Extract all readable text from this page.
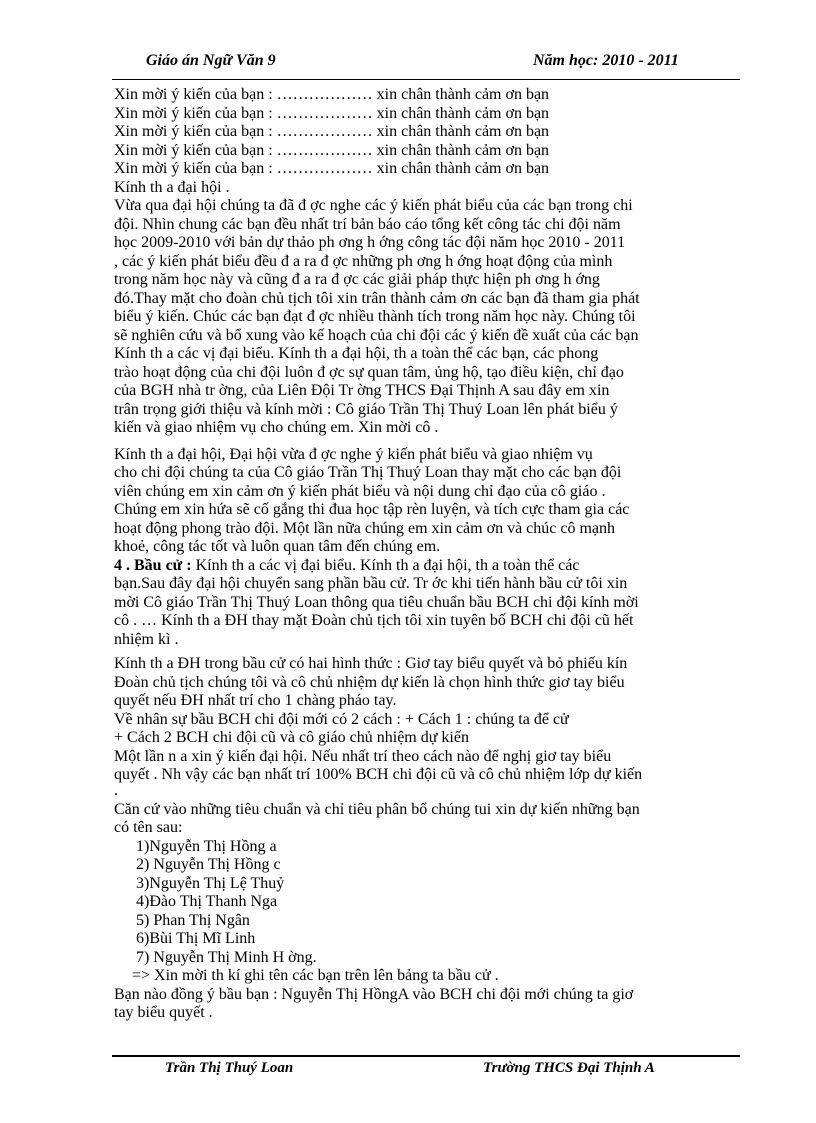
Giáo án Ngữ Văn 9	Năm học: 2010 - 2011

Xin mời ý kiến của bạn : ……………… xin chân thành cảm ơn bạn

Xin mời ý kiến của bạn : ……………… xin chân thành cảm ơn bạn

Xin mời ý kiến của bạn : ……………… xin chân thành cảm ơn bạn

Xin mời ý kiến của bạn : ……………… xin chân thành cảm ơn bạn

Xin mời ý kiến của bạn : ……………… xin chân thành cảm ơn bạn

Kính th a đại hội .

Vừa qua đại hội chúng ta đã đ ợc nghe các ý kiến phát biểu của các bạn trong chi

đội. Nhìn chung các bạn đều nhất trí bản báo cáo tổng kết công tác chi đội năm

học 2009-2010 với bản dự thảo ph ơng h ớng công tác đội năm học 2010 - 2011

, các ý kiến phát biểu đều đ a ra đ ợc những ph ơng h ớng hoạt động của mình

trong năm học này và cũng đ a ra đ ợc các giải pháp thực hiện ph ơng h ớng

đó.Thay mặt cho đoàn chủ tịch tôi xin trân thành cảm ơn các bạn đã tham gia phát

biểu ý kiến. Chúc các bạn đạt đ ợc nhiều thành tích trong năm học này. Chúng tôi

sẽ nghiên cứu và bổ xung vào kế hoạch của chi đội các ý kiến đề xuất của các bạn

Kính th a các vị đại biểu. Kính th a đại hội, th a toàn thể các bạn, các phong

trào hoạt động của chi đội luôn đ ợc sự quan tâm, ủng hộ, tạo điều kiện, chỉ đạo

của BGH nhà tr ờng, của Liên Đội Tr ờng THCS Đại Thịnh A sau đây em xin

trân trọng giới thiệu và kính mời : Cô giáo Trần Thị Thuý Loan lên phát biểu ý

kiến và giao nhiệm vụ cho chúng em. Xin mời cô .

Kính th a đại hội, Đại hội vừa đ ợc nghe ý kiến phát biểu và giao nhiệm vụ

cho chi đội chúng ta của Cô giáo Trần Thị Thuý Loan thay mặt cho các bạn đội

viên chúng em xin cảm ơn ý kiến phát biểu và nội dung chỉ đạo của cô giáo .

Chúng em xin hứa sẽ cố gắng thi đua học tập rèn luyện, và tích cực tham gia các

hoạt động phong trào đội. Một lần nữa chúng em xin cảm ơn và chúc cô mạnh

khoẻ, công tác tốt và luôn quan tâm đến chúng em.

4 . Bầu cử : Kính th a các vị đại biểu. Kính th a đại hội, th a toàn thể các

bạn.Sau đây đại hội chuyển sang phần bầu cử. Tr ớc khi tiến hành bầu cử tôi xin

mời Cô giáo Trần Thị Thuý Loan thông qua tiêu chuẩn bầu BCH chi đội kính mời

cô . … Kính th a ĐH thay mặt Đoàn chủ tịch tôi xin tuyên bố BCH chi đội cũ hết

nhiệm kì .

Kính th a ĐH trong bầu cử có hai hình thức : Giơ tay biểu quyết và bỏ phiếu kín

Đoàn chủ tịch chúng tôi và cô chủ nhiệm dự kiến là chọn hình thức giơ tay biểu

quyết nếu ĐH nhất trí cho 1 chàng pháo tay.

Về nhân sự bầu BCH chi đội mới có 2 cách : + Cách 1 : chúng ta để cử

+ Cách 2 BCH chi đội cũ và cô giáo chủ nhiệm dự kiến

Một lần n a xin ý kiến đại hội. Nếu nhất trí theo cách nào để nghị giơ tay biểu

quyết . Nh vậy các bạn nhất trí 100% BCH chi đội cũ và cô chủ nhiệm lớp dự kiến

.

Căn cứ vào những tiêu chuẩn và chỉ tiêu phân bổ chúng tui xin dự kiến những bạn

có tên sau:

1)Nguyễn Thị Hồng a

2) Nguyễn Thị Hồng c

3)Nguyễn Thị Lệ Thuỷ

4)Đào Thị Thanh Nga

5) Phan Thị Ngân

6)Bùi Thị Mĩ Linh

7) Nguyễn Thị Minh H ờng.

=> Xin mời th kí ghi tên các bạn trên lên bảng ta bầu cử .

Bạn nào đồng ý bầu bạn : Nguyễn Thị HồngA vào BCH chi đội mới chúng ta giơ

tay biểu quyết .

Trần Thị Thuý Loan	Trường THCS Đại Thịnh A
